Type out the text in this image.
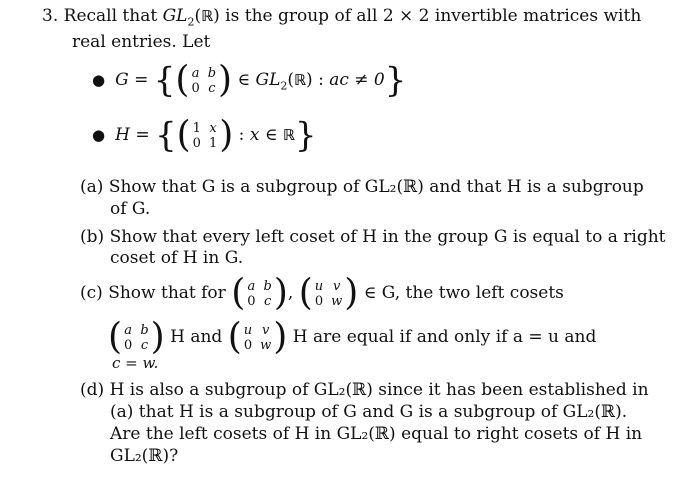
3. Recall that $GL_2(ℝ)$ is the group of all 2 × 2 invertible matrices with
real entries. Let
● G = {( a b
0 c ) ∈ $GL_2(ℝ)$ : ac ≠ 0}
● H = {( 1 x
0 1 ) : x ∈ ℝ}
(a) Show that G is a subgroup of GL₂(ℝ) and that H is a subgroup
of G.
(b) Show that every left coset of H in the group G is equal to a right
coset of H in G.
(c) Show that for ( a b
0 c ), ( u v
0 w ) ∈ G, the two left cosets
( a b
0 c ) H and ( u v
0 w ) H are equal if and only if a = u and
c = w.
(d) H is also a subgroup of GL₂(ℝ) since it has been established in
(a) that H is a subgroup of G and G is a subgroup of GL₂(ℝ).
Are the left cosets of H in GL₂(ℝ) equal to right cosets of H in
GL₂(ℝ)?
